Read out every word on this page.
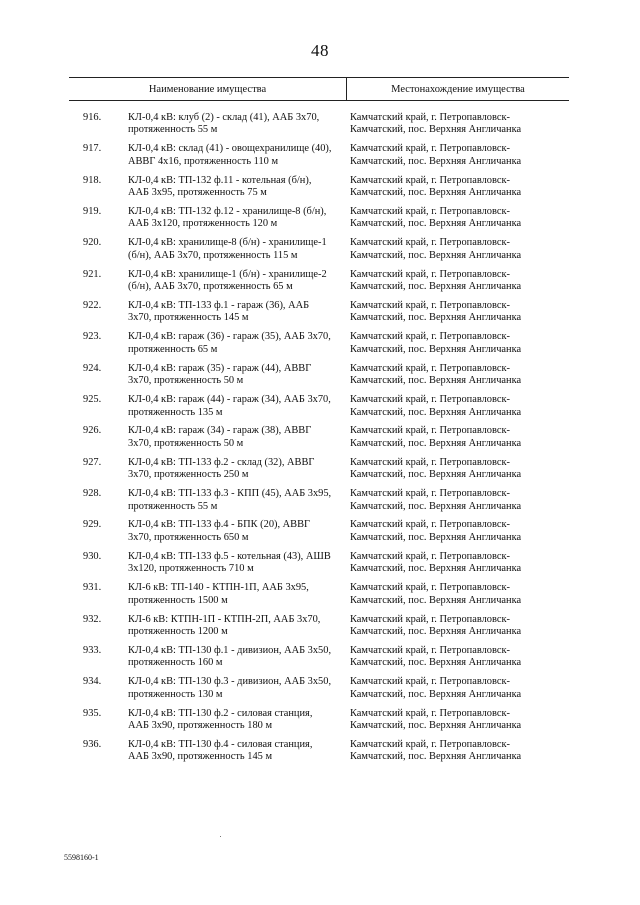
48
Наименование имущества	Местонахождение имущества
916.	КЛ-0,4 кВ: клуб (2) - склад (41), ААБ 3х70,
протяженность 55 м
Камчатский край, г. Петропавловск-
Камчатский, пос. Верхняя Англичанка
917.	КЛ-0,4 кВ: склад (41) - овощехранилище (40),
АВВГ 4х16, протяженность 110 м
Камчатский край, г. Петропавловск-
Камчатский, пос. Верхняя Англичанка
918.	КЛ-0,4 кВ: ТП-132 ф.11 - котельная (б/н),
ААБ 3х95, протяженность 75 м
Камчатский край, г. Петропавловск-
Камчатский, пос. Верхняя Англичанка
919.	КЛ-0,4 кВ: ТП-132 ф.12 - хранилище-8 (б/н),
ААБ 3х120, протяженность 120 м
Камчатский край, г. Петропавловск-
Камчатский, пос. Верхняя Англичанка
920.	КЛ-0,4 кВ: хранилище-8 (б/н) - хранилище-1
(б/н), ААБ 3х70, протяженность 115 м
Камчатский край, г. Петропавловск-
Камчатский, пос. Верхняя Англичанка
921.	КЛ-0,4 кВ: хранилище-1 (б/н) - хранилище-2
(б/н), ААБ 3х70, протяженность 65 м
Камчатский край, г. Петропавловск-
Камчатский, пос. Верхняя Англичанка
922.	КЛ-0,4 кВ: ТП-133 ф.1 - гараж (36), ААБ
3х70, протяженность 145 м
Камчатский край, г. Петропавловск-
Камчатский, пос. Верхняя Англичанка
923.	КЛ-0,4 кВ: гараж (36) - гараж (35), ААБ 3х70,
протяженность 65 м
Камчатский край, г. Петропавловск-
Камчатский, пос. Верхняя Англичанка
924.	КЛ-0,4 кВ: гараж (35) - гараж (44), АВВГ
3х70, протяженность 50 м
Камчатский край, г. Петропавловск-
Камчатский, пос. Верхняя Англичанка
925.	КЛ-0,4 кВ: гараж (44) - гараж (34), ААБ 3х70,
протяженность 135 м
Камчатский край, г. Петропавловск-
Камчатский, пос. Верхняя Англичанка
926.	КЛ-0,4 кВ: гараж (34) - гараж (38), АВВГ
3х70, протяженность 50 м
Камчатский край, г. Петропавловск-
Камчатский, пос. Верхняя Англичанка
927.	КЛ-0,4 кВ: ТП-133 ф.2 - склад (32), АВВГ
3х70, протяженность 250 м
Камчатский край, г. Петропавловск-
Камчатский, пос. Верхняя Англичанка
928.	КЛ-0,4 кВ: ТП-133 ф.3 - КПП (45), ААБ 3х95,
протяженность 55 м
Камчатский край, г. Петропавловск-
Камчатский, пос. Верхняя Англичанка
929.	КЛ-0,4 кВ: ТП-133 ф.4 - БПК (20), АВВГ
3х70, протяженность 650 м
Камчатский край, г. Петропавловск-
Камчатский, пос. Верхняя Англичанка
930.	КЛ-0,4 кВ: ТП-133 ф.5 - котельная (43), АШВ
3х120, протяженность 710 м
Камчатский край, г. Петропавловск-
Камчатский, пос. Верхняя Англичанка
931.	КЛ-6 кВ: ТП-140 - КТПН-1П, ААБ 3х95,
протяженность 1500 м
Камчатский край, г. Петропавловск-
Камчатский, пос. Верхняя Англичанка
932.	КЛ-6 кВ: КТПН-1П - КТПН-2П, ААБ 3х70,
протяженность 1200 м
Камчатский край, г. Петропавловск-
Камчатский, пос. Верхняя Англичанка
933.	КЛ-0,4 кВ: ТП-130 ф.1 - дивизион, ААБ 3х50,
протяженность 160 м
Камчатский край, г. Петропавловск-
Камчатский, пос. Верхняя Англичанка
934.	КЛ-0,4 кВ: ТП-130 ф.3 - дивизион, ААБ 3х50,
протяженность 130 м
Камчатский край, г. Петропавловск-
Камчатский, пос. Верхняя Англичанка
935.	КЛ-0,4 кВ: ТП-130 ф.2 - силовая станция,
ААБ 3х90, протяженность 180 м
Камчатский край, г. Петропавловск-
Камчатский, пос. Верхняя Англичанка
936.	КЛ-0,4 кВ: ТП-130 ф.4 - силовая станция,
ААБ 3х90, протяженность 145 м
Камчатский край, г. Петропавловск-
Камчатский, пос. Верхняя Англичанка
5598160-1
